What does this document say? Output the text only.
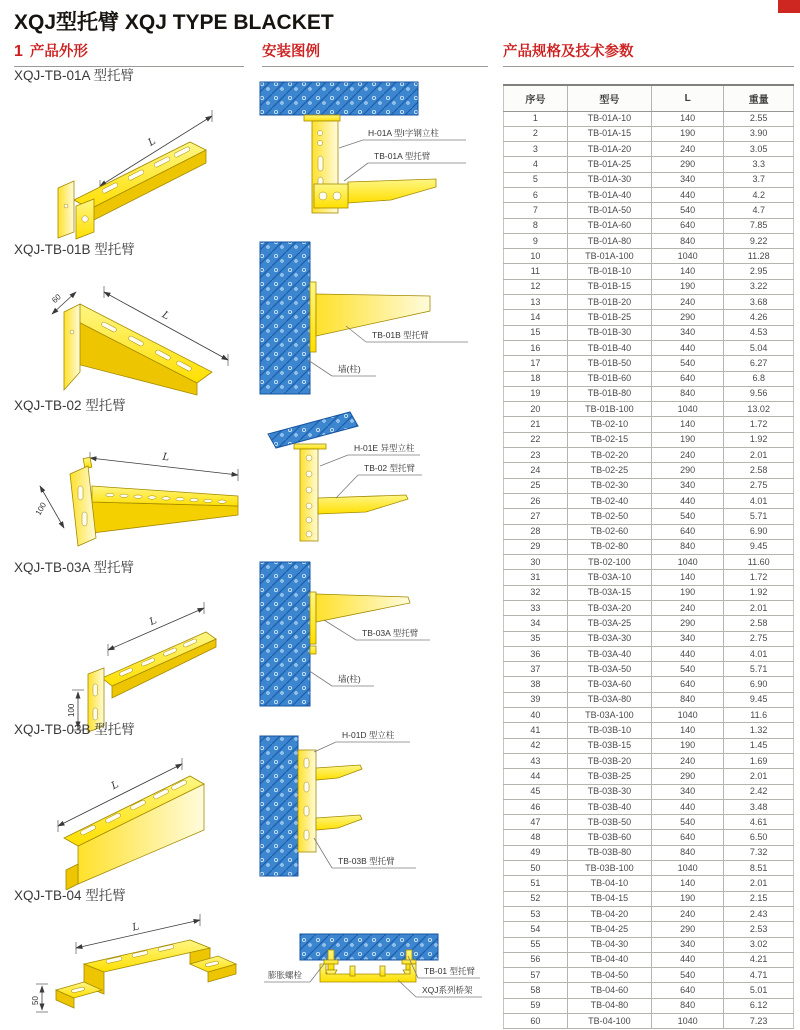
XQJ型托臂 XQJ TYPE BLACKET
1 产品外形	安装图例	产品规格及技术参数
XQJ-TB-01A 型托臂
L
XQJ-TB-01B 型托臂
60
L
XQJ-TB-02 型托臂
L
100
XQJ-TB-03A 型托臂
L
100
XQJ-TB-03B 型托臂
L
XQJ-TB-04 型托臂
L
50
H-01A 型I字钢立柱
TB-01A 型托臂
TB-01B 型托臂
墙(柱)
H-01E 异型立柱
TB-02 型托臂
TB-03A 型托臂
墙(柱)
H-01D 型立柱
TB-03B 型托臂
膨胀螺栓	TB-01 型托臂
XQJ系列桥架
序号	型号	L	重量
1	TB-01A-10	140	2.55
2	TB-01A-15	190	3.90
3	TB-01A-20	240	3.05
4	TB-01A-25	290	3.3
5	TB-01A-30	340	3.7
6	TB-01A-40	440	4.2
7	TB-01A-50	540	4.7
8	TB-01A-60	640	7.85
9	TB-01A-80	840	9.22
10	TB-01A-100	1040	11.28
11	TB-01B-10	140	2.95
12	TB-01B-15	190	3.22
13	TB-01B-20	240	3.68
14	TB-01B-25	290	4.26
15	TB-01B-30	340	4.53
16	TB-01B-40	440	5.04
17	TB-01B-50	540	6.27
18	TB-01B-60	640	6.8
19	TB-01B-80	840	9.56
20	TB-01B-100	1040	13.02
21	TB-02-10	140	1.72
22	TB-02-15	190	1.92
23	TB-02-20	240	2.01
24	TB-02-25	290	2.58
25	TB-02-30	340	2.75
26	TB-02-40	440	4.01
27	TB-02-50	540	5.71
28	TB-02-60	640	6.90
29	TB-02-80	840	9.45
30	TB-02-100	1040	11.60
31	TB-03A-10	140	1.72
32	TB-03A-15	190	1.92
33	TB-03A-20	240	2.01
34	TB-03A-25	290	2.58
35	TB-03A-30	340	2.75
36	TB-03A-40	440	4.01
37	TB-03A-50	540	5.71
38	TB-03A-60	640	6.90
39	TB-03A-80	840	9.45
40	TB-03A-100	1040	11.6
41	TB-03B-10	140	1.32
42	TB-03B-15	190	1.45
43	TB-03B-20	240	1.69
44	TB-03B-25	290	2.01
45	TB-03B-30	340	2.42
46	TB-03B-40	440	3.48
47	TB-03B-50	540	4.61
48	TB-03B-60	640	6.50
49	TB-03B-80	840	7.32
50	TB-03B-100	1040	8.51
51	TB-04-10	140	2.01
52	TB-04-15	190	2.15
53	TB-04-20	240	2.43
54	TB-04-25	290	2.53
55	TB-04-30	340	3.02
56	TB-04-40	440	4.21
57	TB-04-50	540	4.71
58	TB-04-60	640	5.01
59	TB-04-80	840	6.12
60	TB-04-100	1040	7.23
